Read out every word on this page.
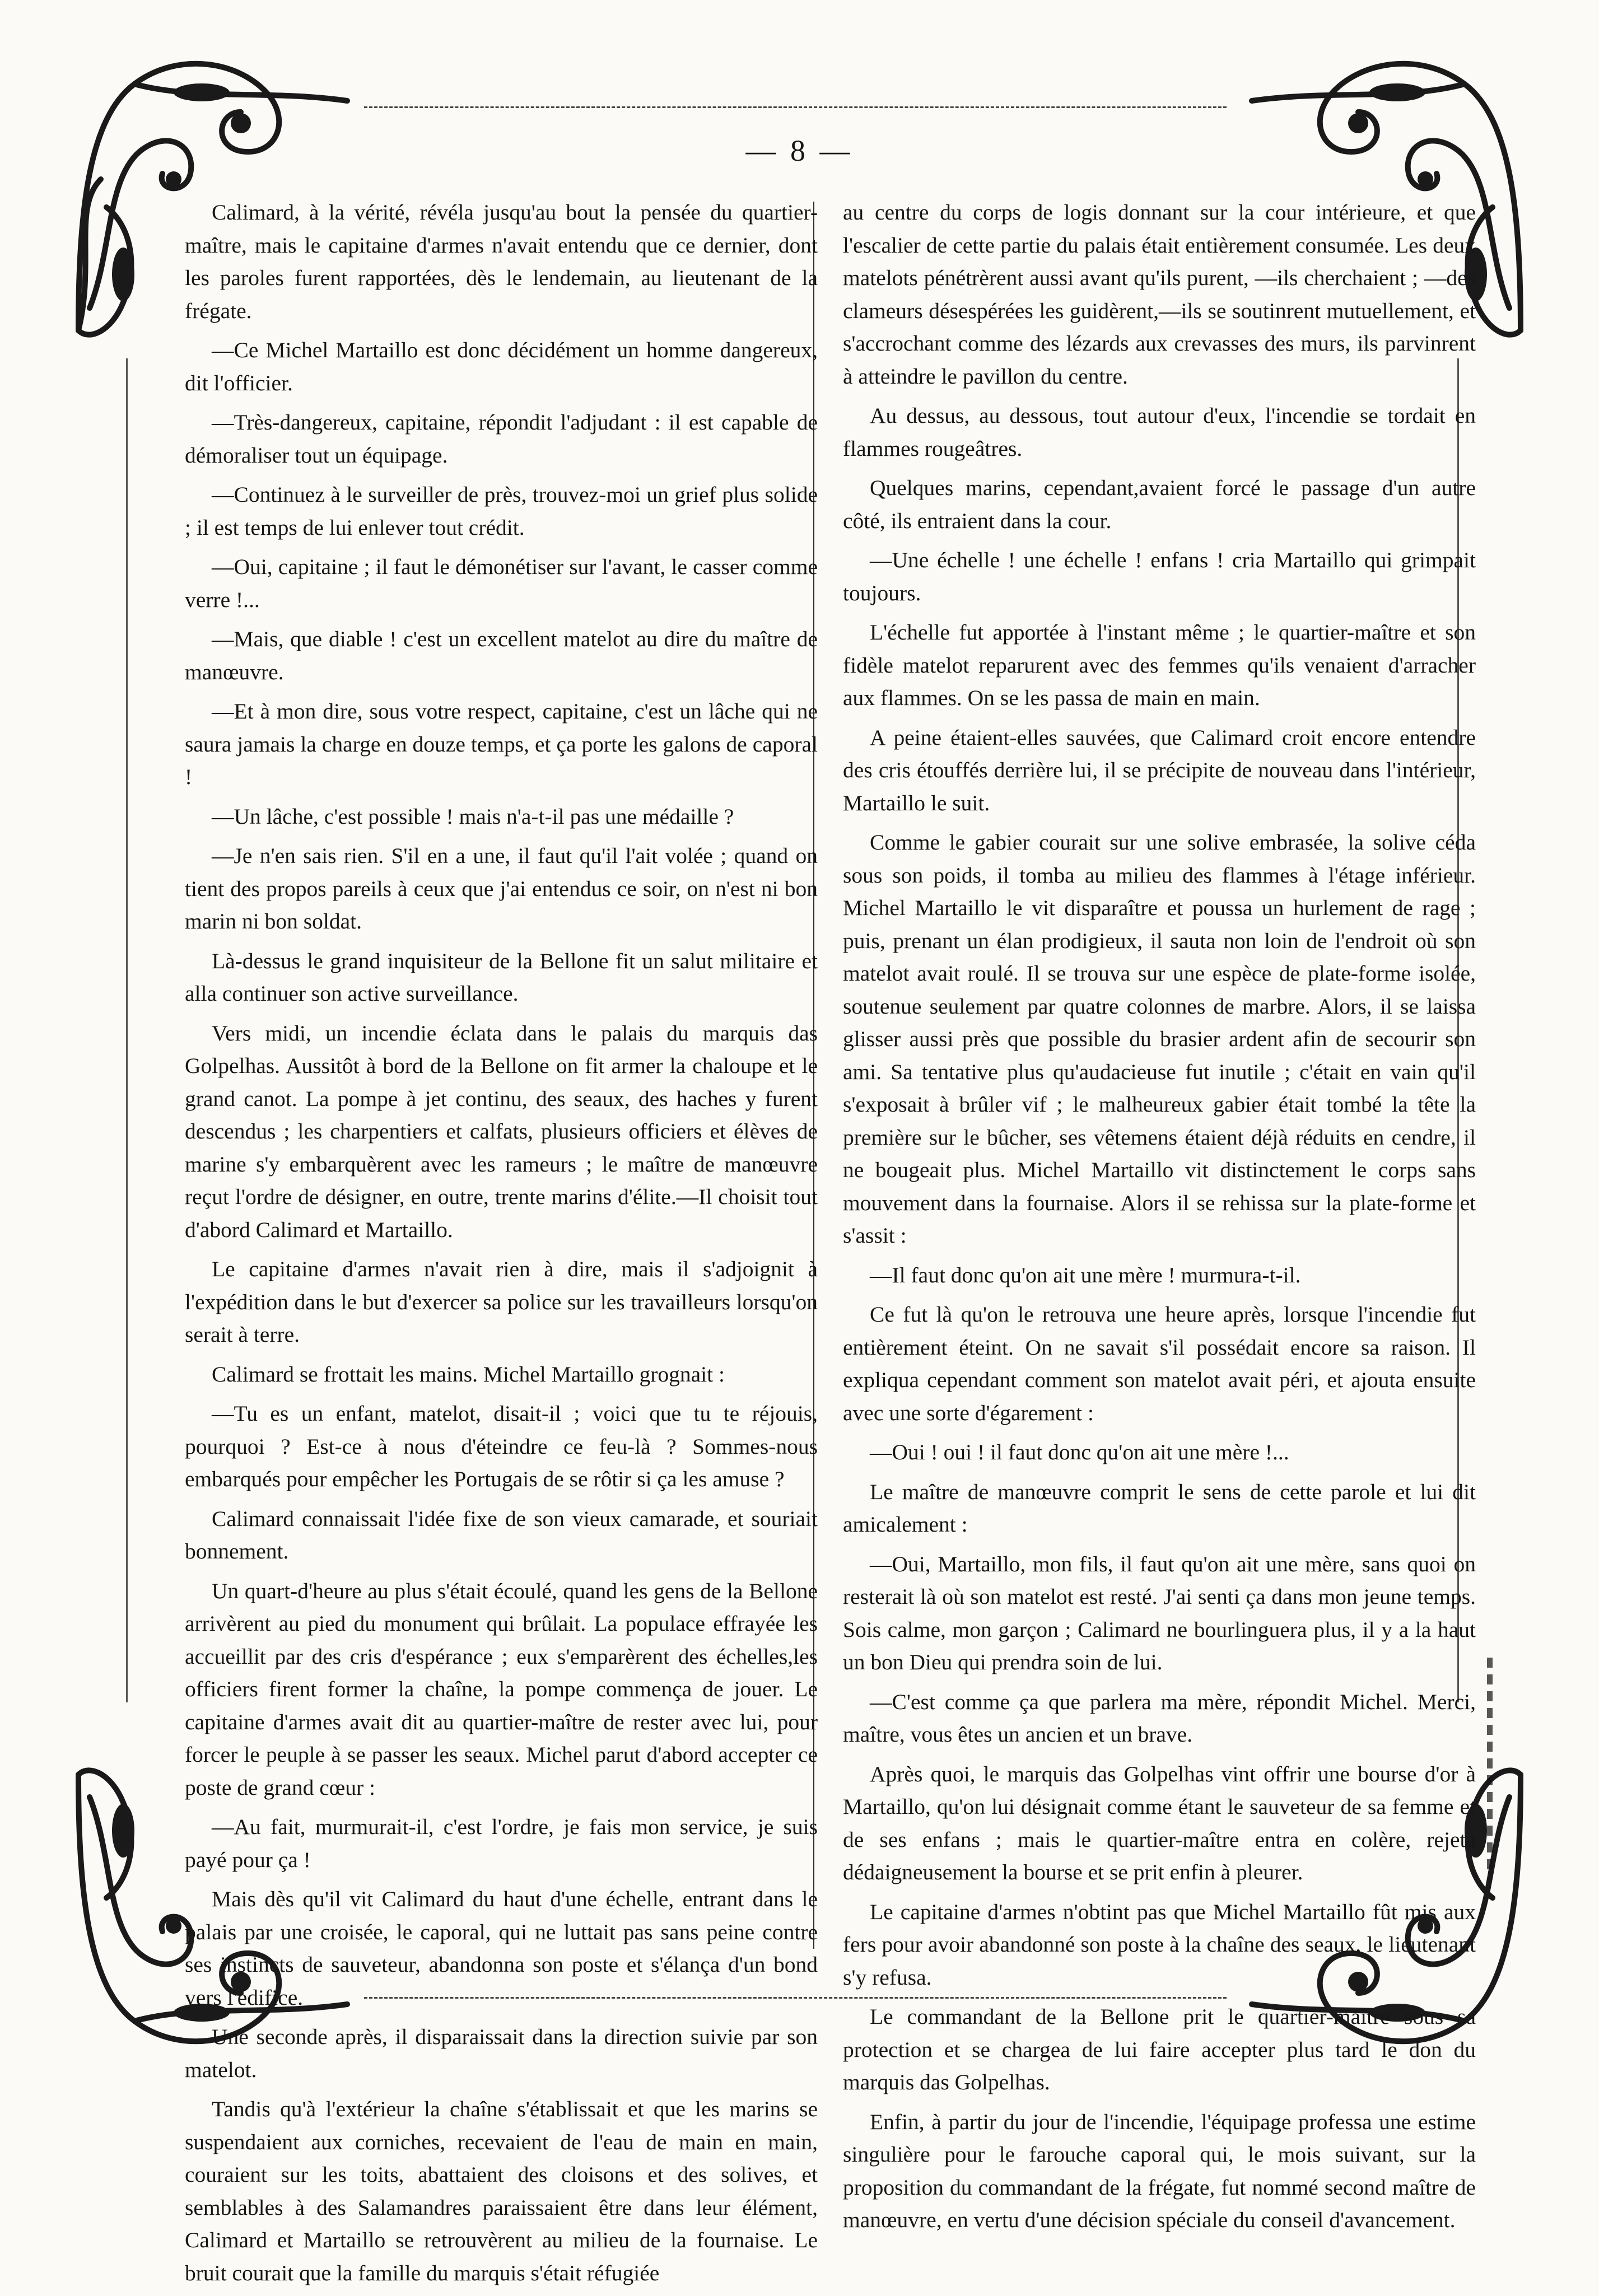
— 8 —

Calimard, à la vérité, révéla jusqu'au bout la pensée du quartier-maître, mais le capitaine d'armes n'avait entendu que ce dernier, dont les paroles furent rapportées, dès le lendemain, au lieutenant de la frégate.

—Ce Michel Martaillo est donc décidément un homme dangereux, dit l'officier.

—Très-dangereux, capitaine, répondit l'adjudant : il est capable de démoraliser tout un équipage.

—Continuez à le surveiller de près, trouvez-moi un grief plus solide ; il est temps de lui enlever tout crédit.

—Oui, capitaine ; il faut le démonétiser sur l'avant, le casser comme verre !...

—Mais, que diable ! c'est un excellent matelot au dire du maître de manœuvre.

—Et à mon dire, sous votre respect, capitaine, c'est un lâche qui ne saura jamais la charge en douze temps, et ça porte les galons de caporal !

—Un lâche, c'est possible ! mais n'a-t-il pas une médaille ?

—Je n'en sais rien. S'il en a une, il faut qu'il l'ait volée ; quand on tient des propos pareils à ceux que j'ai entendus ce soir, on n'est ni bon marin ni bon soldat.

Là-dessus le grand inquisiteur de la Bellone fit un salut militaire et alla continuer son active surveillance.

Vers midi, un incendie éclata dans le palais du marquis das Golpelhas. Aussitôt à bord de la Bellone on fit armer la chaloupe et le grand canot. La pompe à jet continu, des seaux, des haches y furent descendus ; les charpentiers et calfats, plusieurs officiers et élèves de marine s'y embarquèrent avec les rameurs ; le maître de manœuvre reçut l'ordre de désigner, en outre, trente marins d'élite.—Il choisit tout d'abord Calimard et Martaillo.

Le capitaine d'armes n'avait rien à dire, mais il s'adjoignit à l'expédition dans le but d'exercer sa police sur les travailleurs lorsqu'on serait à terre.

Calimard se frottait les mains. Michel Martaillo grognait :

—Tu es un enfant, matelot, disait-il ; voici que tu te réjouis, pourquoi ? Est-ce à nous d'éteindre ce feu-là ? Sommes-nous embarqués pour empêcher les Portugais de se rôtir si ça les amuse ?

Calimard connaissait l'idée fixe de son vieux camarade, et souriait bonnement.

Un quart-d'heure au plus s'était écoulé, quand les gens de la Bellone arrivèrent au pied du monument qui brûlait. La populace effrayée les accueillit par des cris d'espérance ; eux s'emparèrent des échelles,les officiers firent former la chaîne, la pompe commença de jouer. Le capitaine d'armes avait dit au quartier-maître de rester avec lui, pour forcer le peuple à se passer les seaux. Michel parut d'abord accepter ce poste de grand cœur :

—Au fait, murmurait-il, c'est l'ordre, je fais mon service, je suis payé pour ça !

Mais dès qu'il vit Calimard du haut d'une échelle, entrant dans le palais par une croisée, le caporal, qui ne luttait pas sans peine contre ses instincts de sauveteur, abandonna son poste et s'élança d'un bond vers l'édifice.

Une seconde après, il disparaissait dans la direction suivie par son matelot.

Tandis qu'à l'extérieur la chaîne s'établissait et que les marins se suspendaient aux corniches, recevaient de l'eau de main en main, couraient sur les toits, abattaient des cloisons et des solives, et semblables à des Salamandres paraissaient être dans leur élément, Calimard et Martaillo se retrouvèrent au milieu de la fournaise. Le bruit courait que la famille du marquis s'était réfugiée

au centre du corps de logis donnant sur la cour intérieure, et que l'escalier de cette partie du palais était entièrement consumée. Les deux matelots pénétrèrent aussi avant qu'ils purent, —ils cherchaient ; —des clameurs désespérées les guidèrent,—ils se soutinrent mutuellement, et s'accrochant comme des lézards aux crevasses des murs, ils parvinrent à atteindre le pavillon du centre.

Au dessus, au dessous, tout autour d'eux, l'incendie se tordait en flammes rougeâtres.

Quelques marins, cependant,avaient forcé le passage d'un autre côté, ils entraient dans la cour.

—Une échelle ! une échelle ! enfans ! cria Martaillo qui grimpait toujours.

L'échelle fut apportée à l'instant même ; le quartier-maître et son fidèle matelot reparurent avec des femmes qu'ils venaient d'arracher aux flammes. On se les passa de main en main.

A peine étaient-elles sauvées, que Calimard croit encore entendre des cris étouffés derrière lui, il se précipite de nouveau dans l'intérieur, Martaillo le suit.

Comme le gabier courait sur une solive embrasée, la solive céda sous son poids, il tomba au milieu des flammes à l'étage inférieur. Michel Martaillo le vit disparaître et poussa un hurlement de rage ; puis, prenant un élan prodigieux, il sauta non loin de l'endroit où son matelot avait roulé. Il se trouva sur une espèce de plate-forme isolée, soutenue seulement par quatre colonnes de marbre. Alors, il se laissa glisser aussi près que possible du brasier ardent afin de secourir son ami. Sa tentative plus qu'audacieuse fut inutile ; c'était en vain qu'il s'exposait à brûler vif ; le malheureux gabier était tombé la tête la première sur le bûcher, ses vêtemens étaient déjà réduits en cendre, il ne bougeait plus. Michel Martaillo vit distinctement le corps sans mouvement dans la fournaise. Alors il se rehissa sur la plate-forme et s'assit :

—Il faut donc qu'on ait une mère ! murmura-t-il.

Ce fut là qu'on le retrouva une heure après, lorsque l'incendie fut entièrement éteint. On ne savait s'il possédait encore sa raison. Il expliqua cependant comment son matelot avait péri, et ajouta ensuite avec une sorte d'égarement :

—Oui ! oui ! il faut donc qu'on ait une mère !...

Le maître de manœuvre comprit le sens de cette parole et lui dit amicalement :

—Oui, Martaillo, mon fils, il faut qu'on ait une mère, sans quoi on resterait là où son matelot est resté. J'ai senti ça dans mon jeune temps. Sois calme, mon garçon ; Calimard ne bourlinguera plus, il y a la haut un bon Dieu qui prendra soin de lui.

—C'est comme ça que parlera ma mère, répondit Michel. Merci, maître, vous êtes un ancien et un brave.

Après quoi, le marquis das Golpelhas vint offrir une bourse d'or à Martaillo, qu'on lui désignait comme étant le sauveteur de sa femme et de ses enfans ; mais le quartier-maître entra en colère, rejeta dédaigneusement la bourse et se prit enfin à pleurer.

Le capitaine d'armes n'obtint pas que Michel Martaillo fût mis aux fers pour avoir abandonné son poste à la chaîne des seaux, le lieutenant s'y refusa.

Le commandant de la Bellone prit le quartier-maître sous sa protection et se chargea de lui faire accepter plus tard le don du marquis das Golpelhas.

Enfin, à partir du jour de l'incendie, l'équipage professa une estime singulière pour le farouche caporal qui, le mois suivant, sur la proposition du commandant de la frégate, fut nommé second maître de manœuvre, en vertu d'une décision spéciale du conseil d'avancement.
